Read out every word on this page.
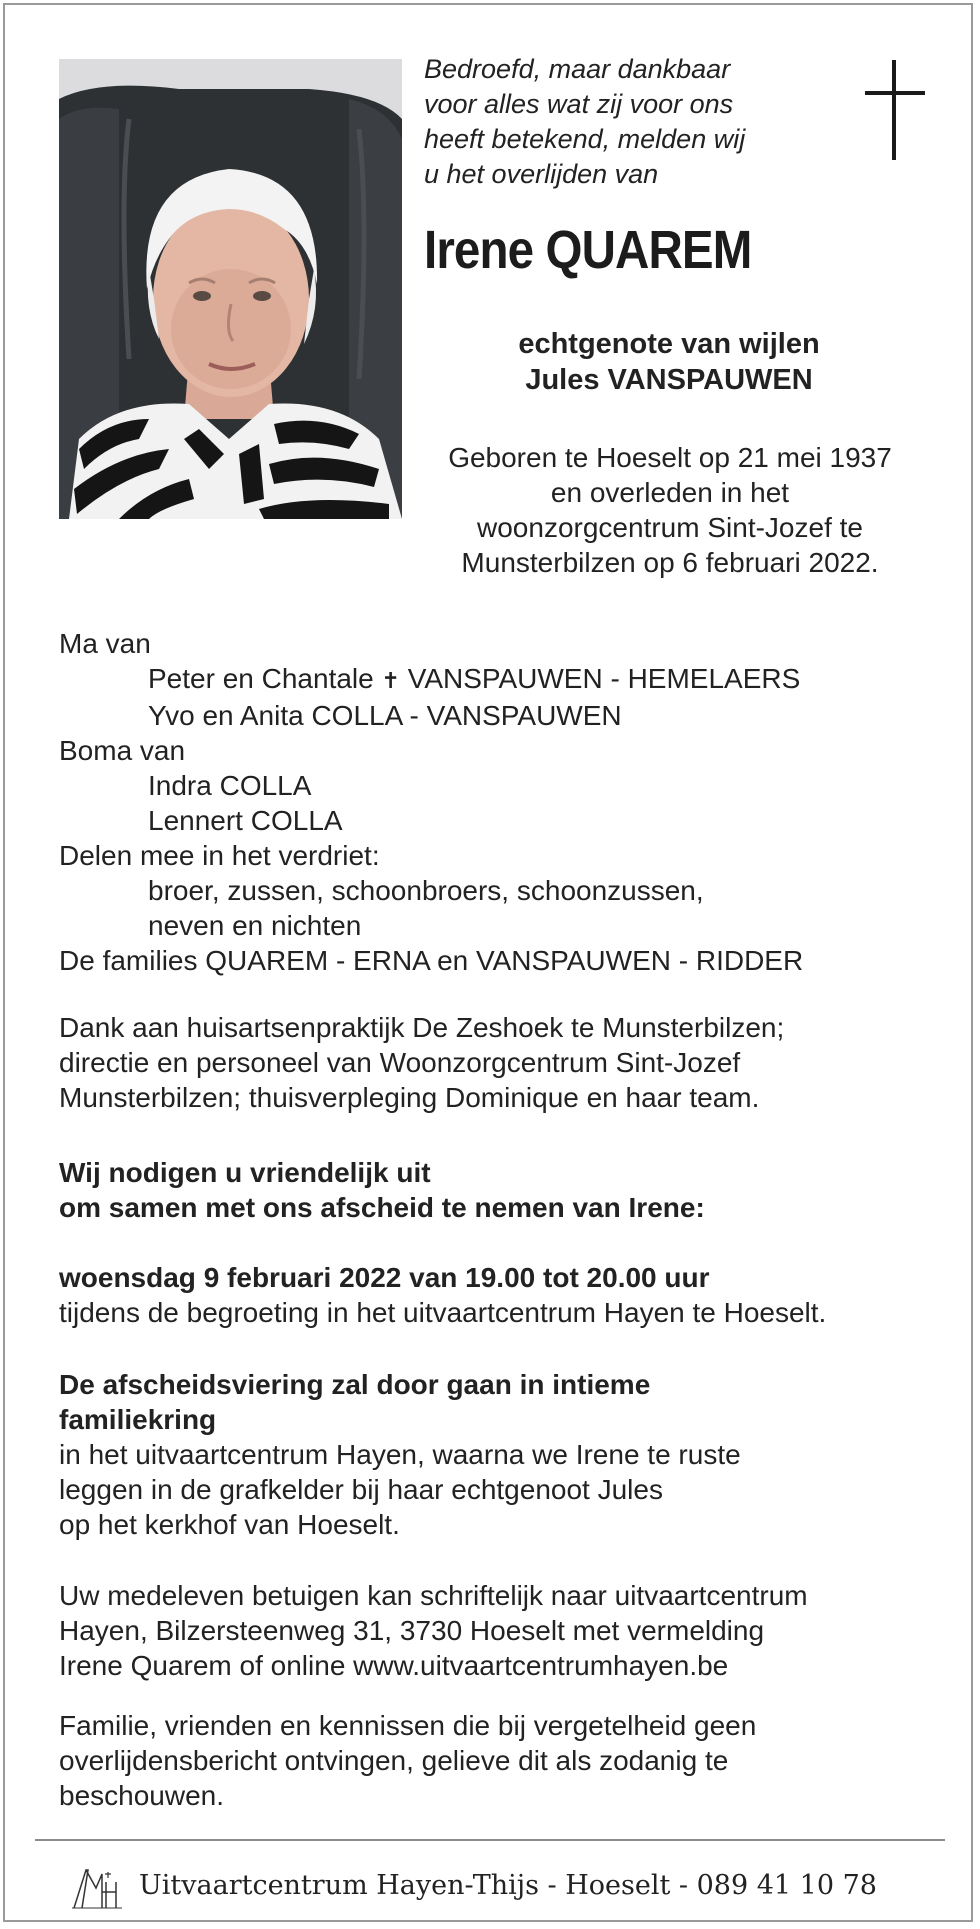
Bedroefd, maar dankbaar
voor alles wat zij voor ons
heeft betekend, melden wij
u het overlijden van
Irene QUAREM
echtgenote van wijlen
Jules VANSPAUWEN
Geboren te Hoeselt op 21 mei 1937
en overleden in het
woonzorgcentrum Sint-Jozef te
Munsterbilzen op 6 februari 2022.
Ma van
Peter en Chantale ✝ VANSPAUWEN - HEMELAERS
Yvo en Anita COLLA - VANSPAUWEN
Boma van
Indra COLLA
Lennert COLLA
Delen mee in het verdriet:
broer, zussen, schoonbroers, schoonzussen,
neven en nichten
De families QUAREM - ERNA en VANSPAUWEN - RIDDER
Dank aan huisartsenpraktijk De Zeshoek te Munsterbilzen;
directie en personeel van Woonzorgcentrum Sint-Jozef
Munsterbilzen; thuisverpleging Dominique en haar team.
Wij nodigen u vriendelijk uit
om samen met ons afscheid te nemen van Irene:
woensdag 9 februari 2022 van 19.00 tot 20.00 uur
tijdens de begroeting in het uitvaartcentrum Hayen te Hoeselt.
De afscheidsviering zal door gaan in intieme
familiekring
in het uitvaartcentrum Hayen, waarna we Irene te ruste
leggen in de grafkelder bij haar echtgenoot Jules
op het kerkhof van Hoeselt.
Uw medeleven betuigen kan schriftelijk naar uitvaartcentrum
Hayen, Bilzersteenweg 31, 3730 Hoeselt met vermelding
Irene Quarem of online www.uitvaartcentrumhayen.be
Familie, vrienden en kennissen die bij vergetelheid geen
overlijdensbericht ontvingen, gelieve dit als zodanig te
beschouwen.
Uitvaartcentrum Hayen-Thijs - Hoeselt - 089 41 10 78
